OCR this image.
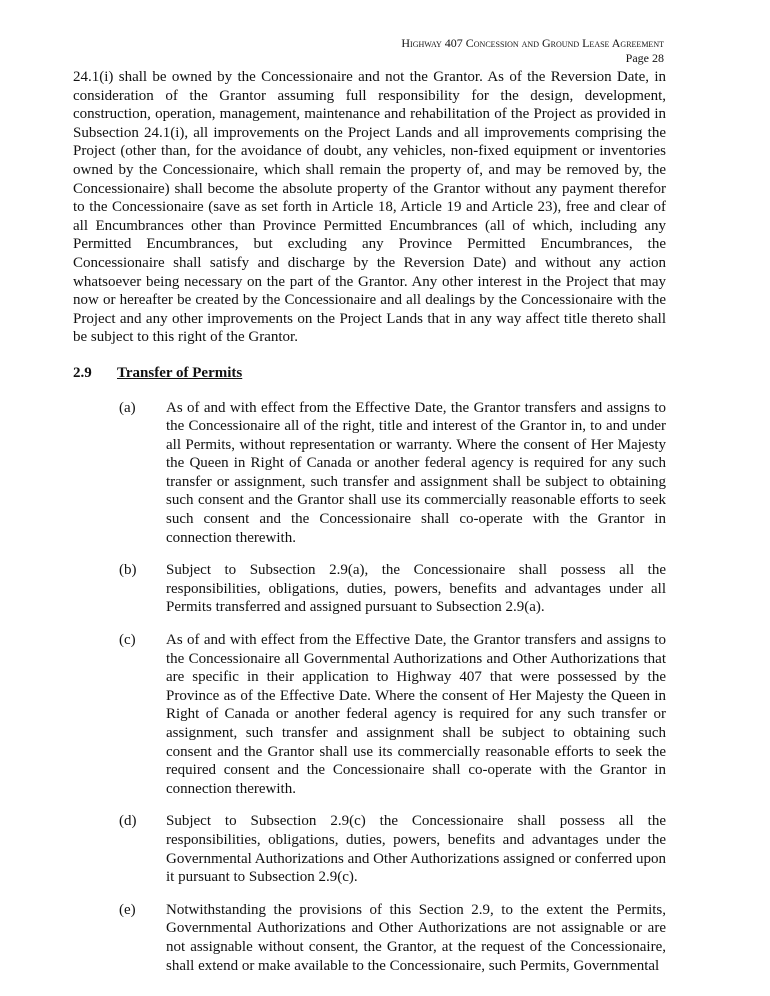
Highway 407 Concession and Ground Lease Agreement
Page 28

24.1(i) shall be owned by the Concessionaire and not the Grantor. As of the Reversion Date, in consideration of the Grantor assuming full responsibility for the design, development, construction, operation, management, maintenance and rehabilitation of the Project as provided in Subsection 24.1(i), all improvements on the Project Lands and all improvements comprising the Project (other than, for the avoidance of doubt, any vehicles, non-fixed equipment or inventories owned by the Concessionaire, which shall remain the property of, and may be removed by, the Concessionaire) shall become the absolute property of the Grantor without any payment therefor to the Concessionaire (save as set forth in Article 18, Article 19 and Article 23), free and clear of all Encumbrances other than Province Permitted Encumbrances (all of which, including any Permitted Encumbrances, but excluding any Province Permitted Encumbrances, the Concessionaire shall satisfy and discharge by the Reversion Date) and without any action whatsoever being necessary on the part of the Grantor. Any other interest in the Project that may now or hereafter be created by the Concessionaire and all dealings by the Concessionaire with the Project and any other improvements on the Project Lands that in any way affect title thereto shall be subject to this right of the Grantor.

2.9	Transfer of Permits
(a)	As of and with effect from the Effective Date, the Grantor transfers and assigns to the Concessionaire all of the right, title and interest of the Grantor in, to and under all Permits, without representation or warranty. Where the consent of Her Majesty the Queen in Right of Canada or another federal agency is required for any such transfer or assignment, such transfer and assignment shall be subject to obtaining such consent and the Grantor shall use its commercially reasonable efforts to seek such consent and the Concessionaire shall co-operate with the Grantor in connection therewith.
(b)	Subject to Subsection 2.9(a), the Concessionaire shall possess all the responsibilities, obligations, duties, powers, benefits and advantages under all Permits transferred and assigned pursuant to Subsection 2.9(a).
(c)	As of and with effect from the Effective Date, the Grantor transfers and assigns to the Concessionaire all Governmental Authorizations and Other Authorizations that are specific in their application to Highway 407 that were possessed by the Province as of the Effective Date. Where the consent of Her Majesty the Queen in Right of Canada or another federal agency is required for any such transfer or assignment, such transfer and assignment shall be subject to obtaining such consent and the Grantor shall use its commercially reasonable efforts to seek the required consent and the Concessionaire shall co-operate with the Grantor in connection therewith.
(d)	Subject to Subsection 2.9(c) the Concessionaire shall possess all the responsibilities, obligations, duties, powers, benefits and advantages under the Governmental Authorizations and Other Authorizations assigned or conferred upon it pursuant to Subsection 2.9(c).
(e)	Notwithstanding the provisions of this Section 2.9, to the extent the Permits, Governmental Authorizations and Other Authorizations are not assignable or are not assignable without consent, the Grantor, at the request of the Concessionaire, shall extend or make available to the Concessionaire, such Permits, Governmental
